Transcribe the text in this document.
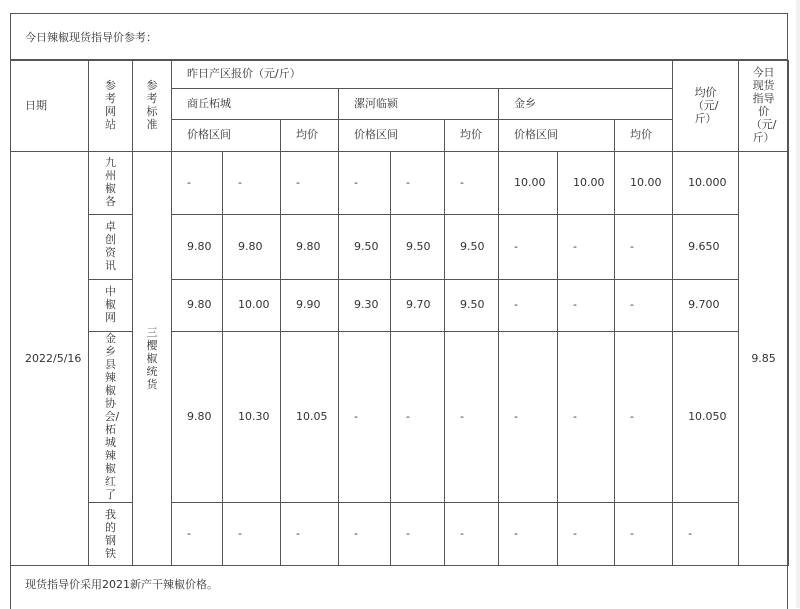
今日辣椒现货指导价参考：
日期	参考网站	参考标准	昨日产区报价（元/斤）									均价（元/斤）	今日现货指导价（元/斤）
			商丘柘城			漯河临颍			金乡				
			价格区间		均价	价格区间		均价	价格区间		均价		
2022/5/16	九州椒各	三樱椒统货	-	-	-	-	-	-	10.00	10.00	10.00	10.000	9.85
	卓创资讯		9.80	9.80	9.80	9.50	9.50	9.50	-	-	-	9.650	
	中椒网		9.80	10.00	9.90	9.30	9.70	9.50	-	-	-	9.700	
	金乡县辣椒协会/柘城辣椒红了		9.80	10.30	10.05	-	-	-	-	-	-	10.050	
	我的钢铁		-	-	-	-	-	-	-	-	-	-	
现货指导价采用2021新产干辣椒价格。
